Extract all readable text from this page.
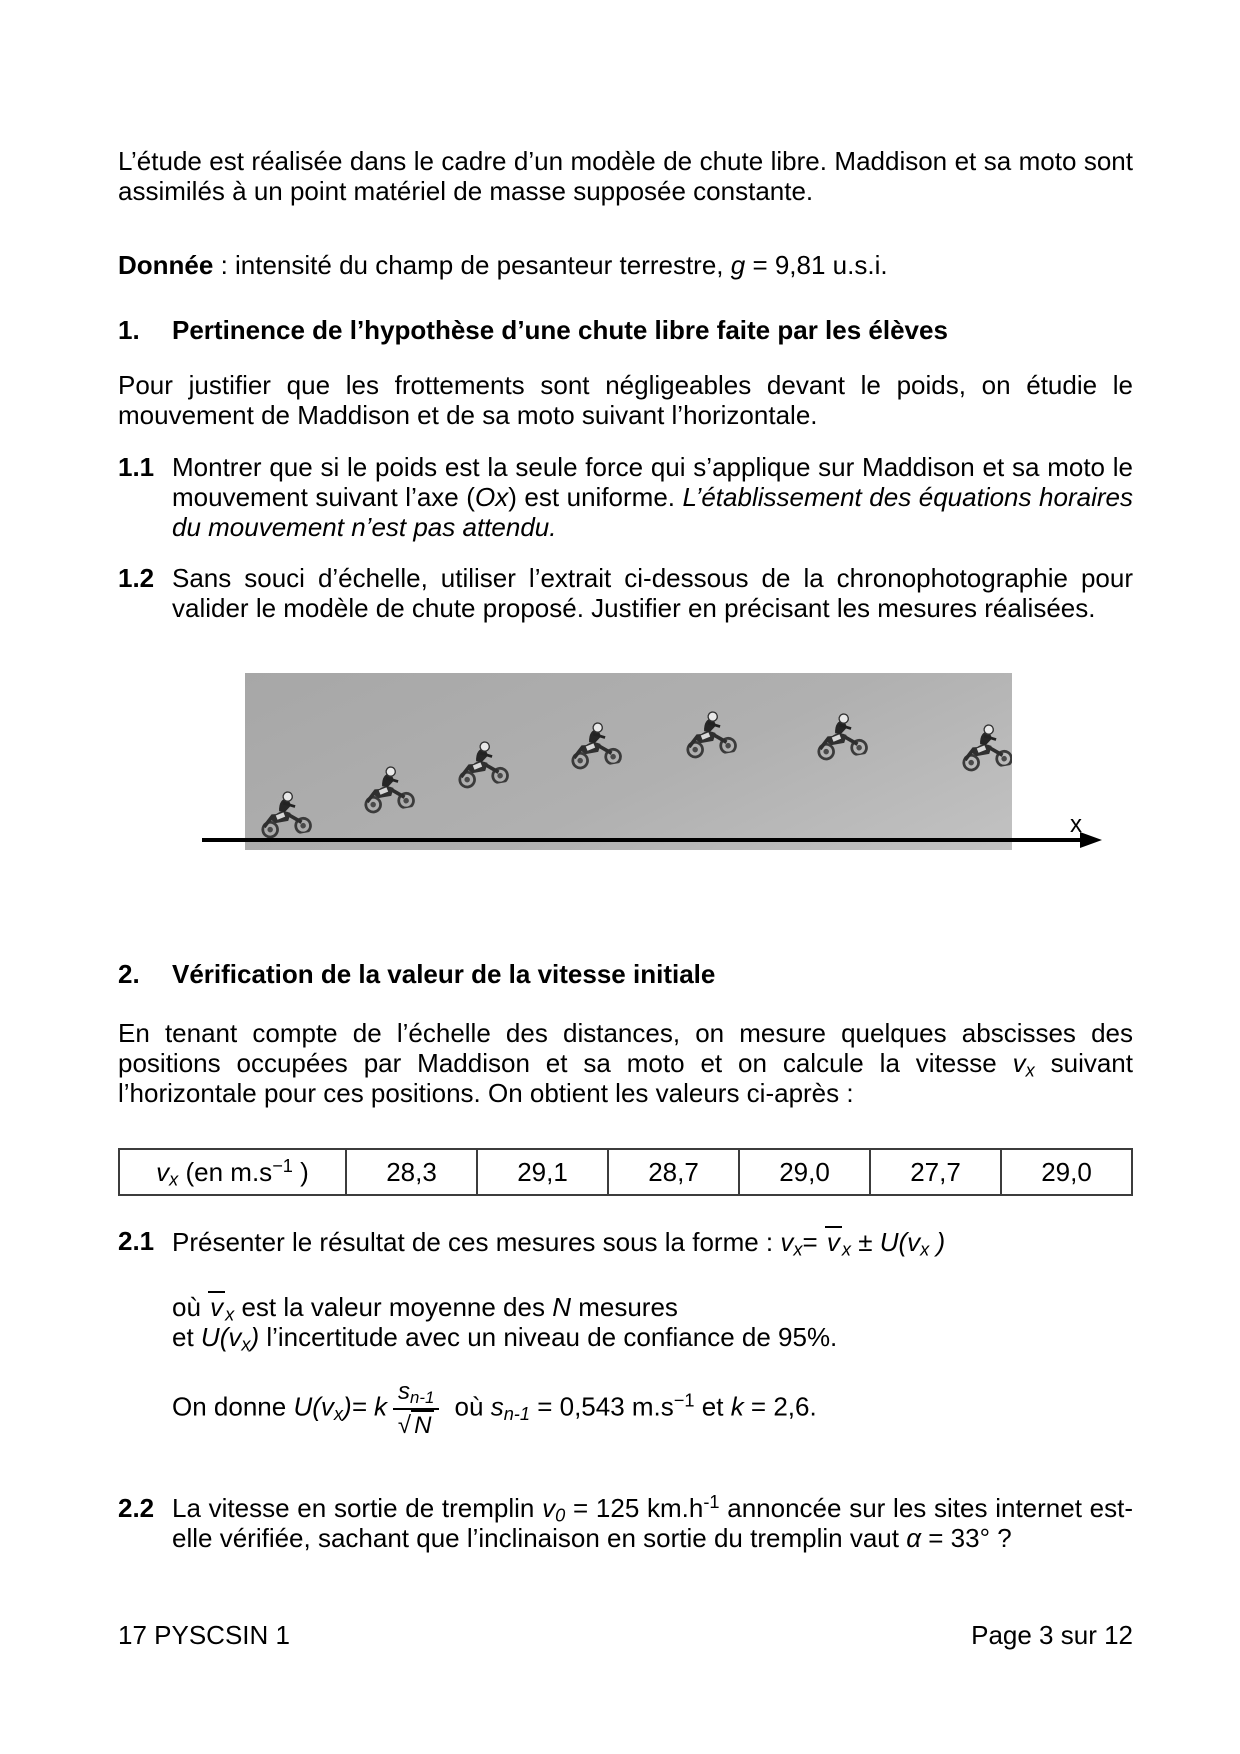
L’étude est réalisée dans le cadre d’un modèle de chute libre. Maddison et sa moto sont assimilés à un point matériel de masse supposée constante.

Donnée : intensité du champ de pesanteur terrestre, g = 9,81 u.s.i.

1.	Pertinence de l’hypothèse d’une chute libre faite par les élèves

Pour justifier que les frottements sont négligeables devant le poids, on étudie le mouvement de Maddison et de sa moto suivant l’horizontale.

1.1 Montrer que si le poids est la seule force qui s’applique sur Maddison et sa moto le mouvement suivant l’axe (Ox) est uniforme. L’établissement des équations horaires du mouvement n’est pas attendu.
1.2 Sans souci d’échelle, utiliser l’extrait ci-dessous de la chronophotographie pour valider le modèle de chute proposé. Justifier en précisant les mesures réalisées.
x
2.	Vérification de la valeur de la vitesse initiale

En tenant compte de l’échelle des distances, on mesure quelques abscisses des positions occupées par Maddison et sa moto et on calcule la vitesse $v_x$ suivant l’horizontale pour ces positions. On obtient les valeurs ci-après :

$v_x$ (en $m.s^{-1}$ )	28,3	29,1	28,7	29,0	27,7	29,0
2.1 Présenter le résultat de ces mesures sous la forme : $v_x= v$ $_x \pm U(v_x$ )
où v $_x$ est la valeur moyenne des N mesures
et $U(v_x)$ l’incertitude avec un niveau de confiance de 95%.
On donne $U(v_x)= k \frac{s_{n-1}}{√ N}$ où $s_{n-1} = 0,543$ $m.s^{-1}$ et k = 2,6.
2.2 La vitesse en sortie de tremplin $v_0 = 125$ $km.h^{-1}$ annoncée sur les sites internet est-elle vérifiée, sachant que l’inclinaison en sortie du tremplin vaut α = 33° ?
17 PYSCSIN 1	Page 3 sur 12
